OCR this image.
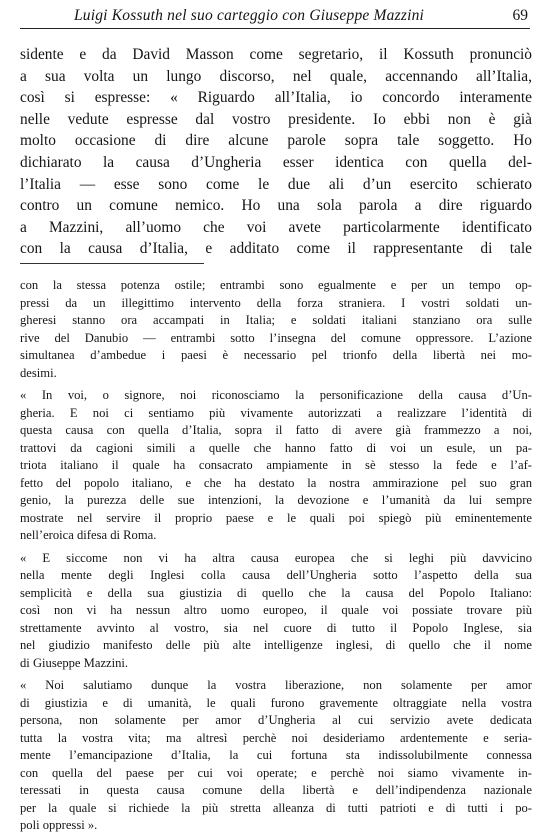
Luigi Kossuth nel suo carteggio con Giuseppe Mazzini	69
sidente e da David Masson come segretario, il Kossuth pronunciò
a sua volta un lungo discorso, nel quale, accennando all’Italia,
così si espresse: « Riguardo all’Italia, io concordo interamente
nelle vedute espresse dal vostro presidente. Io ebbi non è già
molto occasione di dire alcune parole sopra tale soggetto. Ho
dichiarato la causa d’Ungheria esser identica con quella del-
l’Italia — esse sono come le due ali d’un esercito schierato
contro un comune nemico. Ho una sola parola a dire riguardo
a Mazzini, all’uomo che voi avete particolarmente identificato
con la causa d’Italia, e additato come il rappresentante di tale
con la stessa potenza ostile; entrambi sono egualmente e per un tempo op-
pressi da un illegittimo intervento della forza straniera. I vostri soldati un-
gheresi stanno ora accampati in Italia; e soldati italiani stanziano ora sulle
rive del Danubio — entrambi sotto l’insegna del comune oppressore. L’azione
simultanea d’ambedue i paesi è necessario pel trionfo della libertà nei mo-
desimi.
« In voi, o signore, noi riconosciamo la personificazione della causa d’Un-
gheria. E noi ci sentiamo più vivamente autorizzati a realizzare l’identità di
questa causa con quella d’Italia, sopra il fatto di avere già frammezzo a noi,
trattovi da cagioni simili a quelle che hanno fatto di voi un esule, un pa-
triota italiano il quale ha consacrato ampiamente in sè stesso la fede e l’af-
fetto del popolo italiano, e che ha destato la nostra ammirazione pel suo gran
genio, la purezza delle sue intenzioni, la devozione e l’umanità da lui sempre
mostrate nel servire il proprio paese e le quali poi spiegò più eminentemente
nell’eroica difesa di Roma.
« E siccome non vi ha altra causa europea che si leghi più davvicino
nella mente degli Inglesi colla causa dell’Ungheria sotto l’aspetto della sua
semplicità e della sua giustizia di quello che la causa del Popolo Italiano:
così non vi ha nessun altro uomo europeo, il quale voi possiate trovare più
strettamente avvinto al vostro, sia nel cuore di tutto il Popolo Inglese, sia
nel giudizio manifesto delle più alte intelligenze inglesi, di quello che il nome
di Giuseppe Mazzini.
« Noi salutiamo dunque la vostra liberazione, non solamente per amor
di giustizia e di umanità, le quali furono gravemente oltraggiate nella vostra
persona, non solamente per amor d’Ungheria al cui servizio avete dedicata
tutta la vostra vita; ma altresì perchè noi desideriamo ardentemente e seria-
mente l’emancipazione d’Italia, la cui fortuna sta indissolubilmente connessa
con quella del paese per cui voi operate; e perchè noi siamo vivamente in-
teressati in questa causa comune della libertà e dell’indipendenza nazionale
per la quale si richiede la più stretta alleanza di tutti patrioti e di tutti i po-
poli oppressi ».
